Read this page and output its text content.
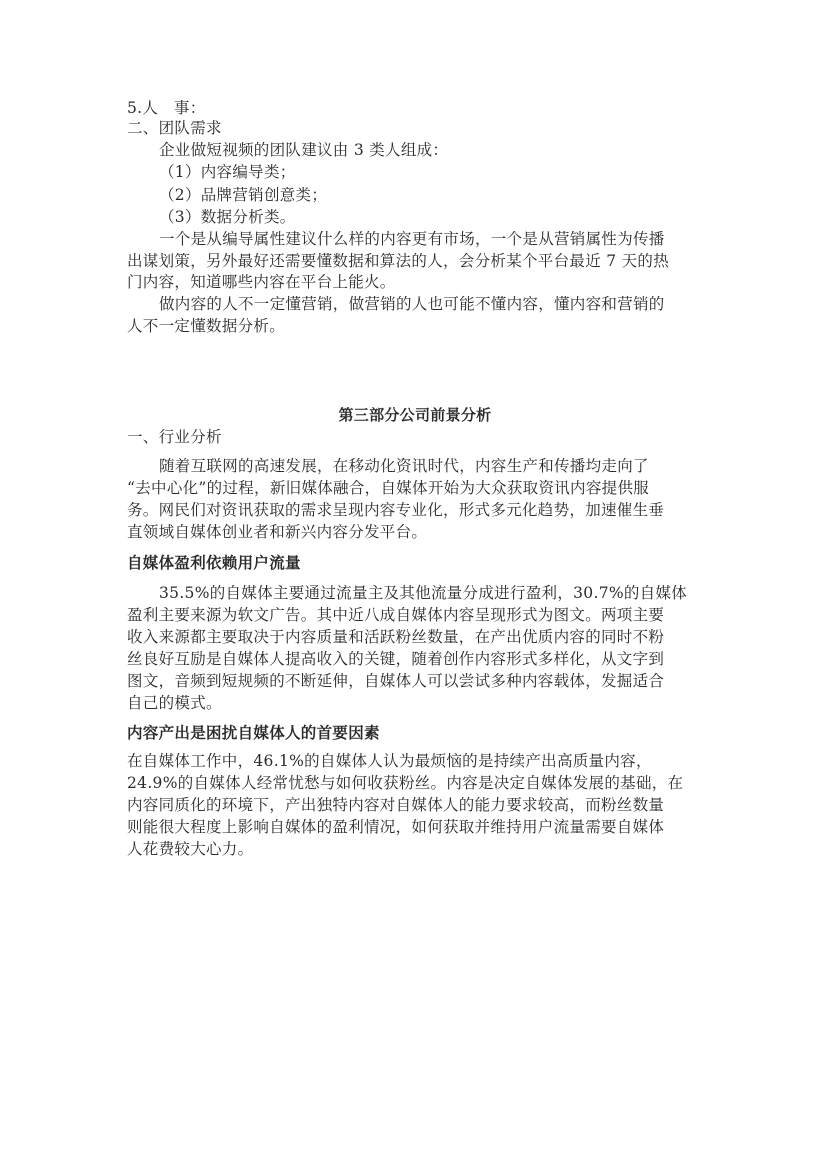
5.人　事：
二、团队需求
企业做短视频的团队建议由 3 类人组成：
（1）内容编导类；
（2）品牌营销创意类；
（3）数据分析类。
一个是从编导属性建议什么样的内容更有市场，一个是从营销属性为传播
出谋划策，另外最好还需要懂数据和算法的人，会分析某个平台最近 7 天的热
门内容，知道哪些内容在平台上能火。
做内容的人不一定懂营销，做营销的人也可能不懂内容，懂内容和营销的
人不一定懂数据分析。
第三部分公司前景分析
一、行业分析
随着互联网的高速发展，在移动化资讯时代，内容生产和传播均走向了
“去中心化”的过程，新旧媒体融合，自媒体开始为大众获取资讯内容提供服
务。网民们对资讯获取的需求呈现内容专业化，形式多元化趋势，加速催生垂
直领域自媒体创业者和新兴内容分发平台。
自媒体盈利依赖用户流量
35.5%的自媒体主要通过流量主及其他流量分成进行盈利，30.7%的自媒体
盈利主要来源为软文广告。其中近八成自媒体内容呈现形式为图文。两项主要
收入来源都主要取决于内容质量和活跃粉丝数量，在产出优质内容的同时不粉
丝良好互励是自媒体人提高收入的关键，随着创作内容形式多样化，从文字到
图文，音频到短规频的不断延伸，自媒体人可以尝试多种内容载体，发掘适合
自己的模式。
内容产出是困扰自媒体人的首要因素
在自媒体工作中，46.1%的自媒体人认为最烦恼的是持续产出高质量内容，
24.9%的自媒体人经常忧愁与如何收获粉丝。内容是决定自媒体发展的基础，在
内容同质化的环境下，产出独特内容对自媒体人的能力要求较高，而粉丝数量
则能很大程度上影响自媒体的盈利情况，如何获取并维持用户流量需要自媒体
人花费较大心力。
